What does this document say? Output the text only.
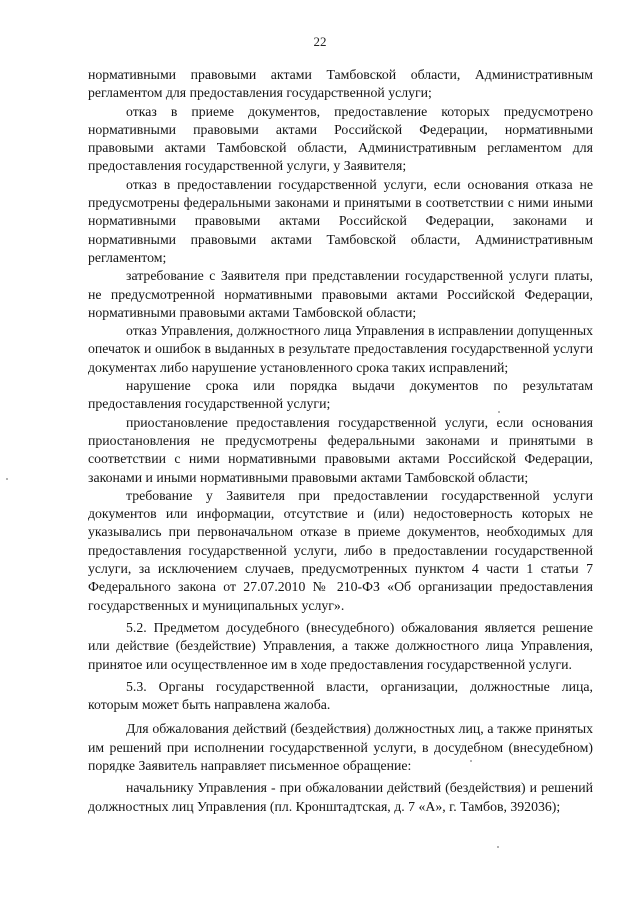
22

нормативными правовыми актами Тамбовской области, Административным регламентом для предоставления государственной услуги;

отказ в приеме документов, предоставление которых предусмотрено нормативными правовыми актами Российской Федерации, нормативными правовыми актами Тамбовской области, Административным регламентом для предоставления государственной услуги, у Заявителя;

отказ в предоставлении государственной услуги, если основания отказа не предусмотрены федеральными законами и принятыми в соответствии с ними иными нормативными правовыми актами Российской Федерации, законами и нормативными правовыми актами Тамбовской области, Административным регламентом;

затребование с Заявителя при представлении государственной услуги платы, не предусмотренной нормативными правовыми актами Российской Федерации, нормативными правовыми актами Тамбовской области;

отказ Управления, должностного лица Управления в исправлении допущенных опечаток и ошибок в выданных в результате предоставления государственной услуги документах либо нарушение установленного срока таких исправлений;

нарушение срока или порядка выдачи документов по результатам предоставления государственной услуги;

приостановление предоставления государственной услуги, если основания приостановления не предусмотрены федеральными законами и принятыми в соответствии с ними нормативными правовыми актами Российской Федерации, законами и иными нормативными правовыми актами Тамбовской области;

требование у Заявителя при предоставлении государственной услуги документов или информации, отсутствие и (или) недостоверность которых не указывались при первоначальном отказе в приеме документов, необходимых для предоставления государственной услуги, либо в предоставлении государственной услуги, за исключением случаев, предусмотренных пунктом 4 части 1 статьи 7 Федерального закона от 27.07.2010 № 210-ФЗ «Об организации предоставления государственных и муниципальных услуг».

5.2. Предметом досудебного (внесудебного) обжалования является решение или действие (бездействие) Управления, а также должностного лица Управления, принятое или осуществленное им в ходе предоставления государственной услуги.

5.3. Органы государственной власти, организации, должностные лица, которым может быть направлена жалоба.

Для обжалования действий (бездействия) должностных лиц, а также принятых им решений при исполнении государственной услуги, в досудебном (внесудебном) порядке Заявитель направляет письменное обращение:

начальнику Управления - при обжаловании действий (бездействия) и решений должностных лиц Управления (пл. Кронштадтская, д. 7 «А», г. Тамбов, 392036);
